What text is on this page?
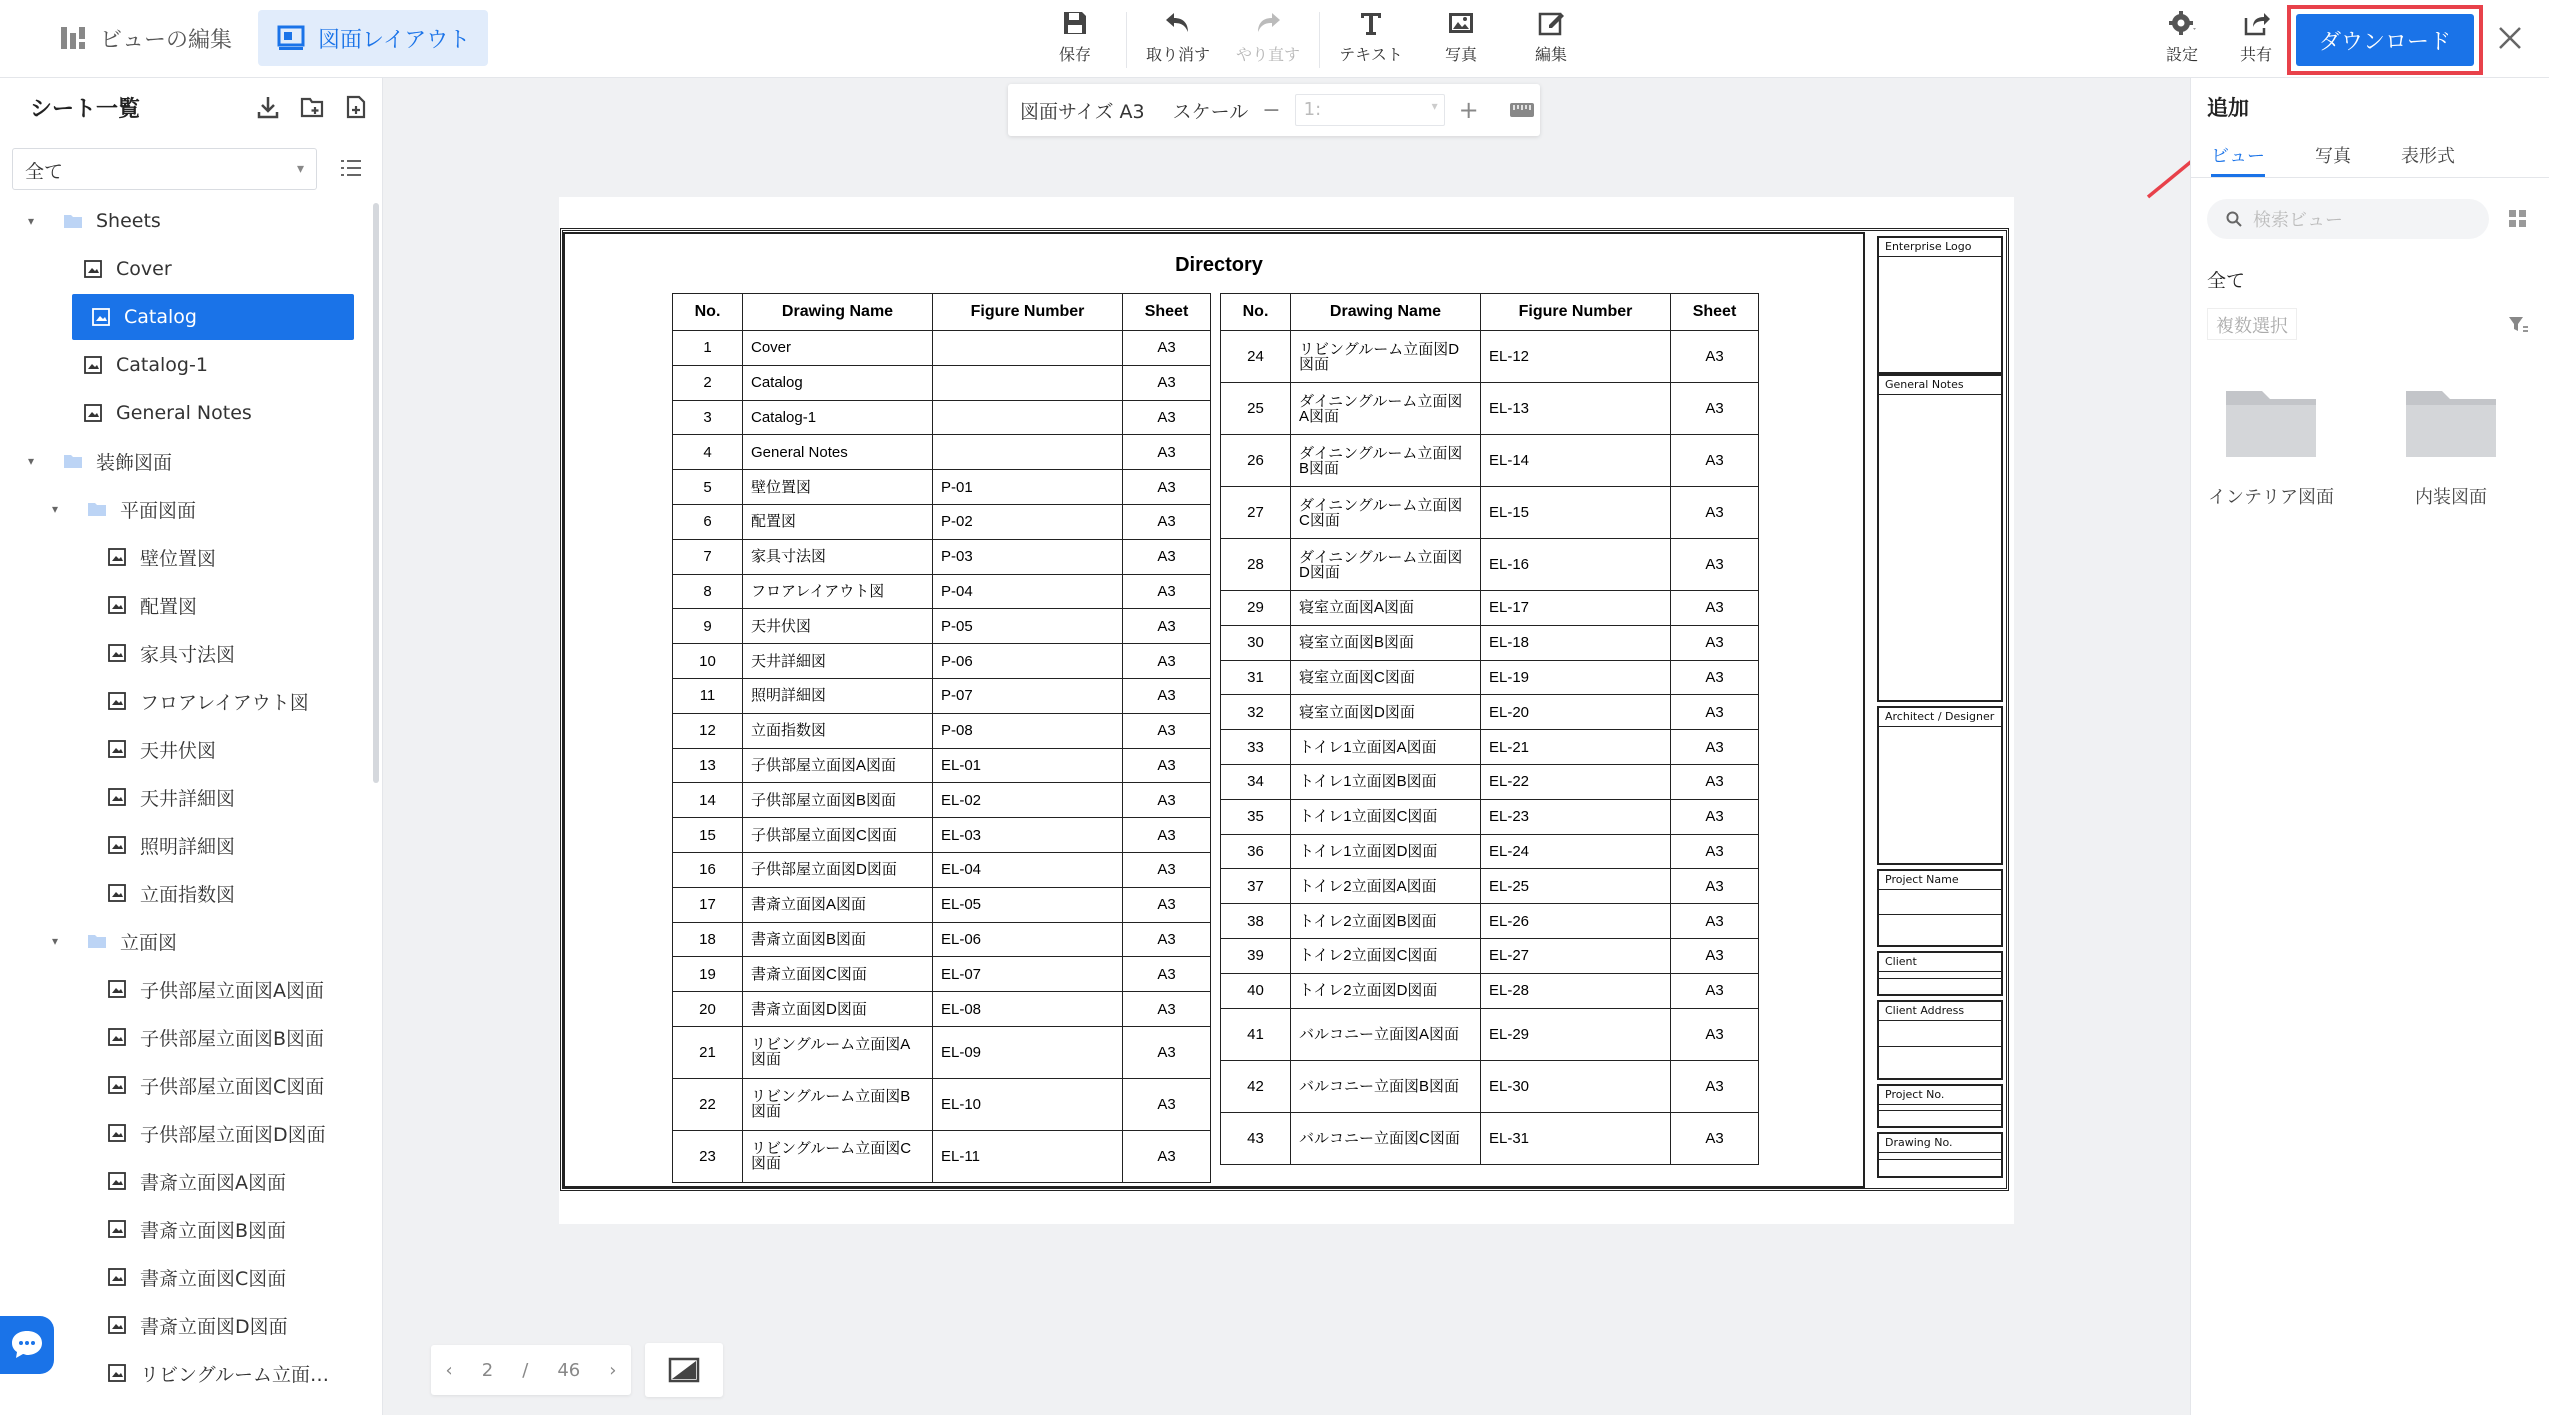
ビューの編集	図面レイアウト
保存	取り消す やり直す テキスト	写真	編集	設定	共有
ダウンロード
シート一覧
全て	▾
▾	Sheets
Cover
Catalog
Catalog-1
General Notes
▾	装飾図面
▾	平面図面
壁位置図
配置図
家具寸法図
フロアレイアウト図
天井伏図
天井詳細図
照明詳細図
立面指数図
▾	立面図
子供部屋立面図A図面
子供部屋立面図B図面
子供部屋立面図C図面
子供部屋立面図D図面
書斎立面図A図面
書斎立面図B図面
書斎立面図C図面
書斎立面図D図面
リビングルーム立面…
図面サイズ A3 スケール −	1:	▾ +
Directory
No.	Drawing Name	Figure Number	Sheet
1	Cover		A3
2	Catalog		A3
3	Catalog-1		A3
4	General Notes		A3
5	壁位置図	P-01	A3
6	配置図	P-02	A3
7	家具寸法図	P-03	A3
8	フロアレイアウト図	P-04	A3
9	天井伏図	P-05	A3
10	天井詳細図	P-06	A3
11	照明詳細図	P-07	A3
12	立面指数図	P-08	A3
13	子供部屋立面図A図面	EL-01	A3
14	子供部屋立面図B図面	EL-02	A3
15	子供部屋立面図C図面	EL-03	A3
16	子供部屋立面図D図面	EL-04	A3
17	書斎立面図A図面	EL-05	A3
18	書斎立面図B図面	EL-06	A3
19	書斎立面図C図面	EL-07	A3
20	書斎立面図D図面	EL-08	A3
21	リビングルーム立面図A図面	EL-09	A3
22	リビングルーム立面図B図面	EL-10	A3
23	リビングルーム立面図C図面	EL-11	A3
No.	Drawing Name	Figure Number	Sheet
24	リビングルーム立面図D図面	EL-12	A3
25	ダイニングルーム立面図A図面	EL-13	A3
26	ダイニングルーム立面図B図面	EL-14	A3
27	ダイニングルーム立面図C図面	EL-15	A3
28	ダイニングルーム立面図D図面	EL-16	A3
29	寝室立面図A図面	EL-17	A3
30	寝室立面図B図面	EL-18	A3
31	寝室立面図C図面	EL-19	A3
32	寝室立面図D図面	EL-20	A3
33	トイレ1立面図A図面	EL-21	A3
34	トイレ1立面図B図面	EL-22	A3
35	トイレ1立面図C図面	EL-23	A3
36	トイレ1立面図D図面	EL-24	A3
37	トイレ2立面図A図面	EL-25	A3
38	トイレ2立面図B図面	EL-26	A3
39	トイレ2立面図C図面	EL-27	A3
40	トイレ2立面図D図面	EL-28	A3
41	バルコニー立面図A図面	EL-29	A3
42	バルコニー立面図B図面	EL-30	A3
43	バルコニー立面図C図面	EL-31	A3
Enterprise Logo
General Notes
Architect / Designer
Project Name
Client
Client Address
Project No.
Drawing No.
‹ 2 / 46 ›
追加
ビュー	写真	表形式
検索ビュー
全て
複数選択
インテリア図面	内装図面
